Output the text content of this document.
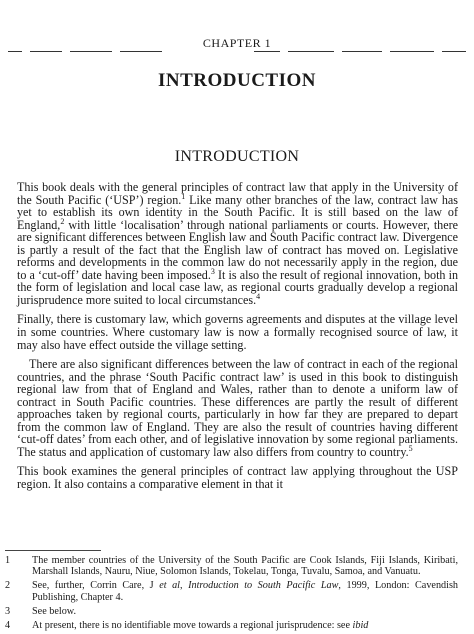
CHAPTER 1
INTRODUCTION
INTRODUCTION

This book deals with the general principles of contract law that apply in the University of the South Pacific (‘USP’) region.$^1$ Like many other branches of the law, contract law has yet to establish its own identity in the South Pacific. It is still based on the law of England,$^2$ with little ‘localisation’ through national parliaments or courts. However, there are significant differences between English law and South Pacific contract law. Divergence is partly a result of the fact that the English law of contract has moved on. Legislative reforms and developments in the common law do not necessarily apply in the region, due to a ‘cut-off’ date having been imposed.$^3$ It is also the result of regional innovation, both in the form of legislation and local case law, as regional courts gradually develop a regional jurisprudence more suited to local circumstances.$^4$

Finally, there is customary law, which governs agreements and disputes at the village level in some countries. Where customary law is now a formally recognised source of law, it may also have effect outside the village setting.

There are also significant differences between the law of contract in each of the regional countries, and the phrase ‘South Pacific contract law’ is used in this book to distinguish regional law from that of England and Wales, rather than to denote a uniform law of contract in South Pacific countries. These differences are partly the result of different approaches taken by regional courts, particularly in how far they are prepared to depart from the common law of England. They are also the result of countries having different ‘cut-off dates’ from each other, and of legislative innovation by some regional parliaments. The status and application of customary law also differs from country to country.$^5$

This book examines the general principles of contract law applying throughout the USP region. It also contains a comparative element in that it

1 The member countries of the University of the South Pacific are Cook Islands, Fiji Islands, Kiribati, Marshall Islands, Nauru, Niue, Solomon Islands, Tokelau, Tonga, Tuvalu, Samoa, and Vanuatu.
2 See, further, Corrin Care, J et al, Introduction to South Pacific Law, 1999, London: Cavendish Publishing, Chapter 4.
3 See below.
4 At present, there is no identifiable move towards a regional jurisprudence: see ibid
